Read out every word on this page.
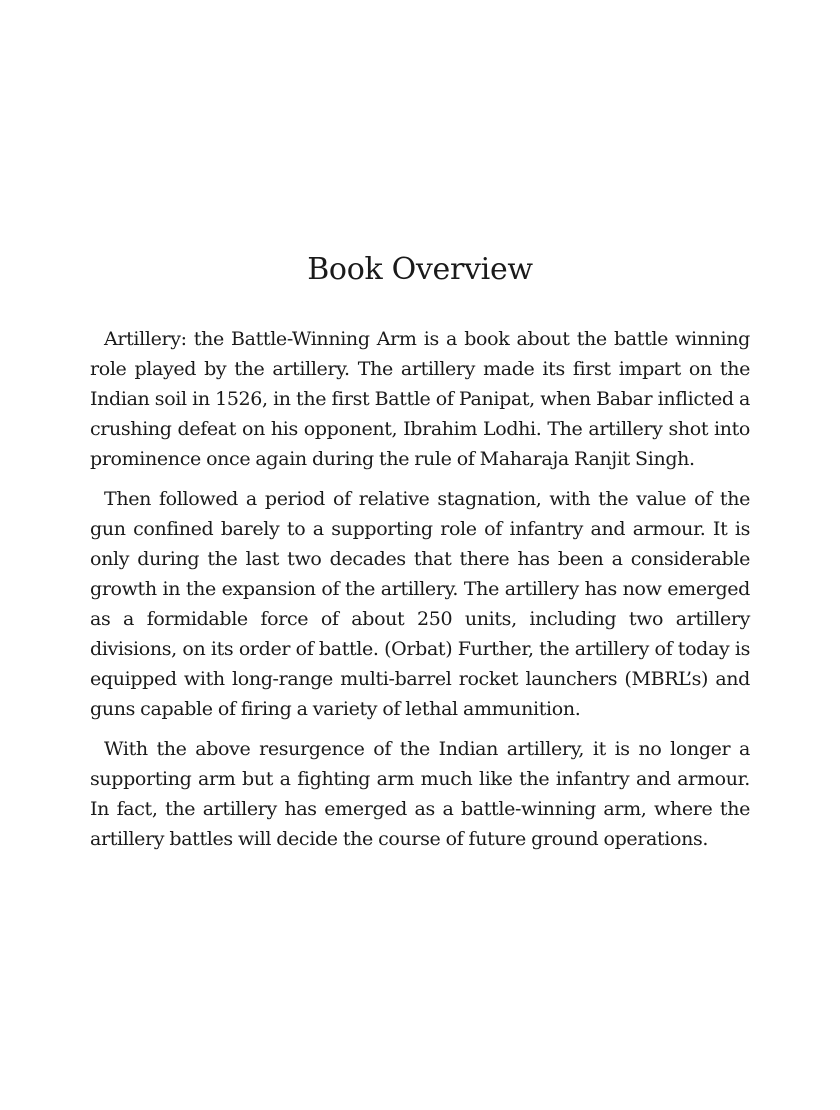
Book Overview

Artillery: the Battle-Winning Arm is a book about the battle winning role played by the artillery. The artillery made its first impart on the Indian soil in 1526, in the first Battle of Panipat, when Babar inflicted a crushing defeat on his opponent, Ibrahim Lodhi. The artillery shot into prominence once again during the rule of Maharaja Ranjit Singh.

Then followed a period of relative stagnation, with the value of the gun confined barely to a supporting role of infantry and armour. It is only during the last two decades that there has been a considerable growth in the expansion of the artillery. The artillery has now emerged as a formidable force of about 250 units, including two artillery divisions, on its order of battle. (Orbat) Further, the artillery of today is equipped with long-range multi-barrel rocket launchers (MBRL’s) and guns capable of firing a variety of lethal ammunition.

With the above resurgence of the Indian artillery, it is no longer a supporting arm but a fighting arm much like the infantry and armour. In fact, the artillery has emerged as a battle-winning arm, where the artillery battles will decide the course of future ground operations.
